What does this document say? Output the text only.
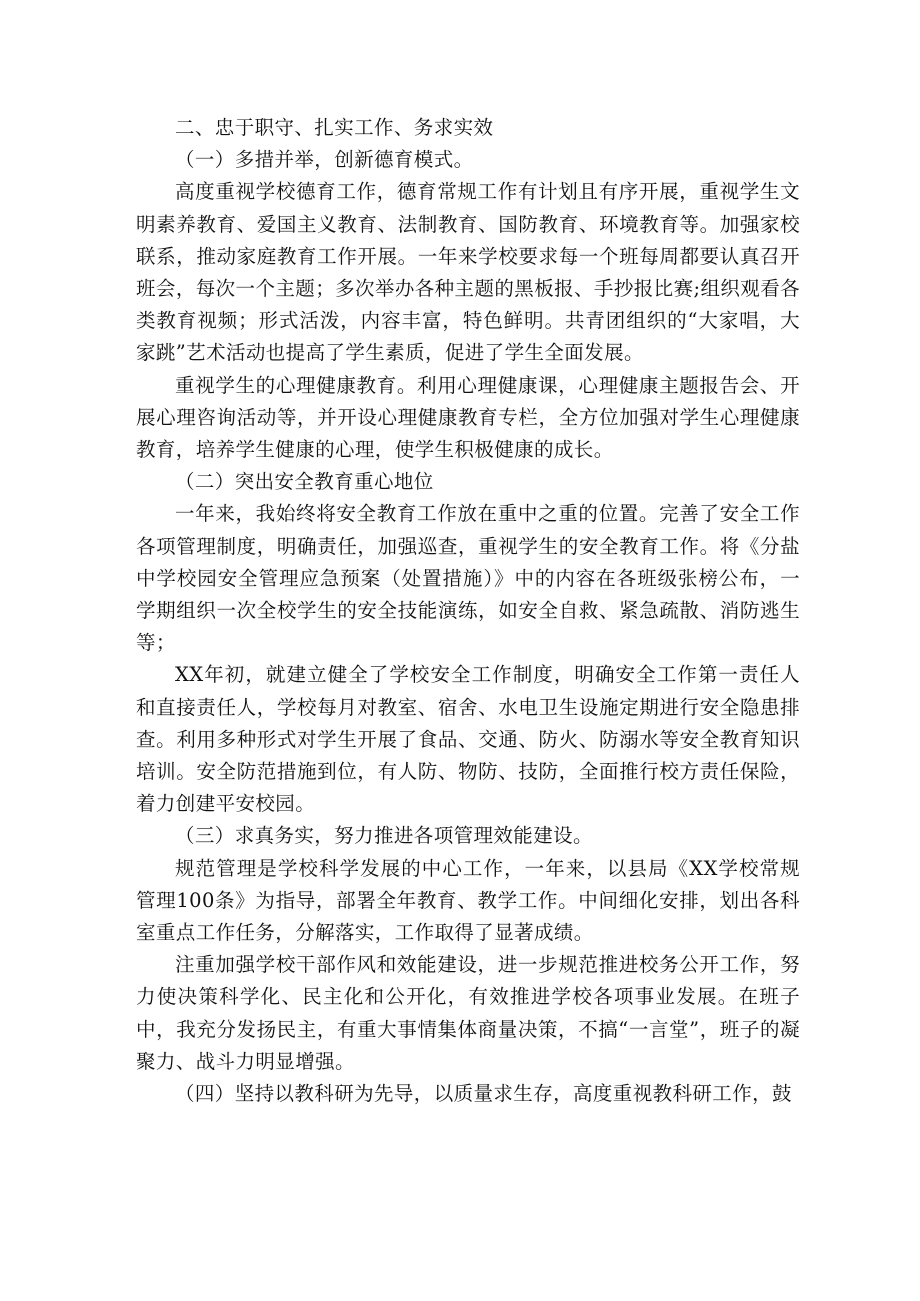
二、忠于职守、扎实工作、务求实效

（一）多措并举，创新德育模式。

高度重视学校德育工作，德育常规工作有计划且有序开展，重视学生文明素养教育、爱国主义教育、法制教育、国防教育、环境教育等。加强家校联系，推动家庭教育工作开展。一年来学校要求每一个班每周都要认真召开班会，每次一个主题；多次举办各种主题的黑板报、手抄报比赛;组织观看各类教育视频；形式活泼，内容丰富，特色鲜明。共青团组织的“大家唱，大家跳”艺术活动也提高了学生素质，促进了学生全面发展。

重视学生的心理健康教育。利用心理健康课，心理健康主题报告会、开展心理咨询活动等，并开设心理健康教育专栏，全方位加强对学生心理健康教育，培养学生健康的心理，使学生积极健康的成长。

（二）突出安全教育重心地位

一年来，我始终将安全教育工作放在重中之重的位置。完善了安全工作各项管理制度，明确责任，加强巡查，重视学生的安全教育工作。将《分盐中学校园安全管理应急预案（处置措施）》中的内容在各班级张榜公布，一学期组织一次全校学生的安全技能演练，如安全自救、紧急疏散、消防逃生等；

XX年初，就建立健全了学校安全工作制度，明确安全工作第一责任人和直接责任人，学校每月对教室、宿舍、水电卫生设施定期进行安全隐患排查。利用多种形式对学生开展了食品、交通、防火、防溺水等安全教育知识培训。安全防范措施到位，有人防、物防、技防，全面推行校方责任保险，着力创建平安校园。

（三）求真务实，努力推进各项管理效能建设。

规范管理是学校科学发展的中心工作，一年来，以县局《XX学校常规管理100条》为指导，部署全年教育、教学工作。中间细化安排，划出各科室重点工作任务，分解落实，工作取得了显著成绩。

注重加强学校干部作风和效能建设，进一步规范推进校务公开工作，努力使决策科学化、民主化和公开化，有效推进学校各项事业发展。在班子中，我充分发扬民主，有重大事情集体商量决策，不搞“一言堂”，班子的凝聚力、战斗力明显增强。

（四）坚持以教科研为先导，以质量求生存，高度重视教科研工作，鼓
